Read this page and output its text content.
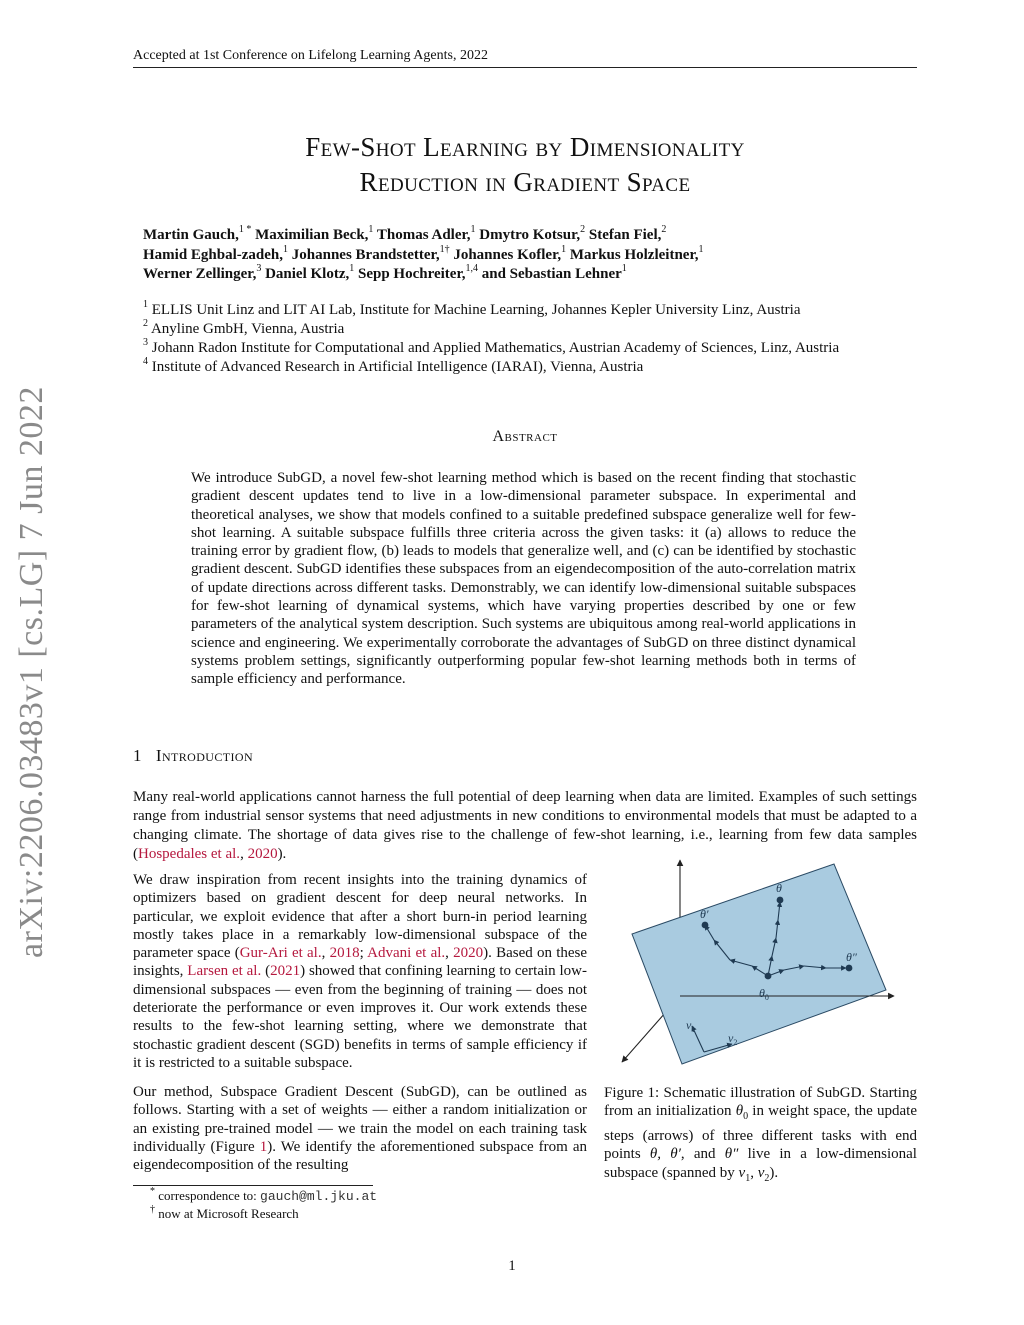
Accepted at 1st Conference on Lifelong Learning Agents, 2022
arXiv:2206.03483v1 [cs.LG] 7 Jun 2022
Few-Shot Learning by Dimensionality
Reduction in Gradient Space
Martin Gauch,$^{1 *}$ Maximilian Beck,$^1$ Thomas Adler,$^1$ Dmytro Kotsur,$^2$ Stefan Fiel,$^2$
Hamid Eghbal-zadeh,$^1$ Johannes Brandstetter,$^{1\dagger}$ Johannes Kofler,$^1$ Markus Holzleitner,$^1$
Werner Zellinger,$^3$ Daniel Klotz,$^1$ Sepp Hochreiter,$^{1,4}$ and Sebastian Lehner$^1$
$^1$ ELLIS Unit Linz and LIT AI Lab, Institute for Machine Learning, Johannes Kepler University Linz, Austria
$^2$ Anyline GmbH, Vienna, Austria
$^3$ Johann Radon Institute for Computational and Applied Mathematics, Austrian Academy of Sciences, Linz, Austria
$^4$ Institute of Advanced Research in Artificial Intelligence (IARAI), Vienna, Austria
Abstract
We introduce SubGD, a novel few-shot learning method which is based on the recent finding that stochastic gradient descent updates tend to live in a low-dimensional parameter subspace. In experimental and theoretical analyses, we show that models confined to a suitable predefined subspace generalize well for few-shot learning. A suitable subspace fulfills three criteria across the given tasks: it (a) allows to reduce the training error by gradient flow, (b) leads to models that generalize well, and (c) can be identified by stochastic gradient descent. SubGD identifies these subspaces from an eigendecomposition of the auto-correlation matrix of update directions across different tasks. Demonstrably, we can identify low-dimensional suitable subspaces for few-shot learning of dynamical systems, which have varying properties described by one or few parameters of the analytical system description. Such systems are ubiquitous among real-world applications in science and engineering. We experimentally corroborate the advantages of SubGD on three distinct dynamical systems problem settings, significantly outperforming popular few-shot learning methods both in terms of sample efficiency and performance.
1 Introduction
Many real-world applications cannot harness the full potential of deep learning when data are limited. Examples of such settings range from industrial sensor systems that need adjustments in new conditions to environmental models that must be adapted to a changing climate. The shortage of data gives rise to the challenge of few-shot learning, i.e., learning from few data samples (Hospedales et al., 2020).
We draw inspiration from recent insights into the training dynamics of optimizers based on gradient descent for deep neural networks. In particular, we exploit evidence that after a short burn-in period learning mostly takes place in a remarkably low-dimensional subspace of the parameter space (Gur-Ari et al., 2018; Advani et al., 2020). Based on these insights, Larsen et al. (2021) showed that confining learning to certain low-dimensional subspaces — even from the beginning of training — does not deteriorate the performance or even improves it. Our work extends these results to the few-shot learning setting, where we demonstrate that stochastic gradient descent (SGD) benefits in terms of sample efficiency if it is restricted to a suitable subspace.
Our method, Subspace Gradient Descent (SubGD), can be outlined as follows. Starting with a set of weights — either a random initialization or an existing pre-trained model — we train the model on each training task individually (Figure 1). We identify the aforementioned subspace from an eigendecomposition of the resulting
θ
θ′
θ″
$\theta_0$
$v_1$
$v_2$
Figure 1: Schematic illustration of SubGD. Starting from an initialization $\theta_0$ in weight space, the update steps (arrows) of three different tasks with end points θ, θ′, and θ″ live in a low-dimensional subspace (spanned by $v_1$, $v_2$).
* correspondence to: gauch@ml.jku.at
† now at Microsoft Research
1
